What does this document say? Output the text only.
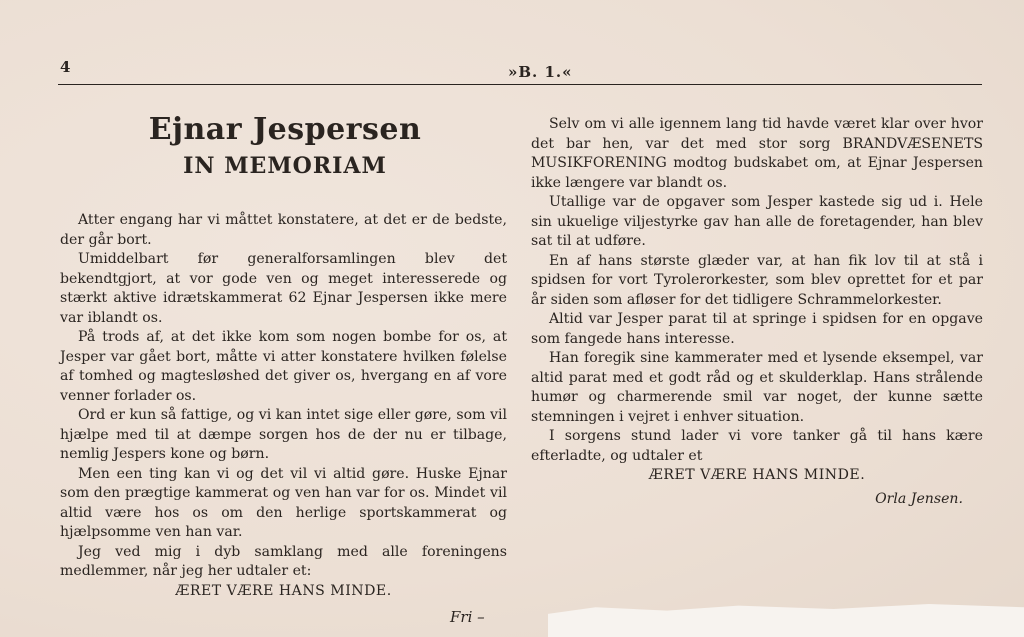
4	»B. 1.«
Ejnar Jespersen
IN MEMORIAM

Atter engang har vi måttet konstatere, at det er de bedste, der går bort.

Umiddelbart før generalforsamlingen blev det bekendtgjort, at vor gode ven og meget interesserede og stærkt aktive idrætskammerat 62 Ejnar Jespersen ikke mere var iblandt os.

På trods af, at det ikke kom som nogen bombe for os, at Jesper var gået bort, måtte vi atter konstatere hvilken følelse af tomhed og magtesløshed det giver os, hvergang en af vore venner forlader os.

Ord er kun så fattige, og vi kan intet sige eller gøre, som vil hjælpe med til at dæmpe sorgen hos de der nu er tilbage, nemlig Jespers kone og børn.

Men een ting kan vi og det vil vi altid gøre. Huske Ejnar som den prægtige kammerat og ven han var for os. Mindet vil altid være hos os om den herlige sportskammerat og hjælpsomme ven han var.

Jeg ved mig i dyb samklang med alle foreningens medlemmer, når jeg her udtaler et:

ÆRET VÆRE HANS MINDE.

Selv om vi alle igennem lang tid havde været klar over hvor det bar hen, var det med stor sorg BRANDVÆSENETS MUSIKFORENING modtog budskabet om, at Ejnar Jespersen ikke længere var blandt os.

Utallige var de opgaver som Jesper kastede sig ud i. Hele sin ukuelige viljestyrke gav han alle de foretagender, han blev sat til at udføre.

En af hans største glæder var, at han fik lov til at stå i spidsen for vort Tyrolerorkester, som blev oprettet for et par år siden som afløser for det tidligere Schrammelorkester.

Altid var Jesper parat til at springe i spidsen for en opgave som fangede hans interesse.

Han foregik sine kammerater med et lysende eksempel, var altid parat med et godt råd og et skulderklap. Hans strålende humør og charmerende smil var noget, der kunne sætte stemningen i vejret i enhver situation.

I sorgens stund lader vi vore tanker gå til hans kære efterladte, og udtaler et

ÆRET VÆRE HANS MINDE.

Orla Jensen.

Fri –
